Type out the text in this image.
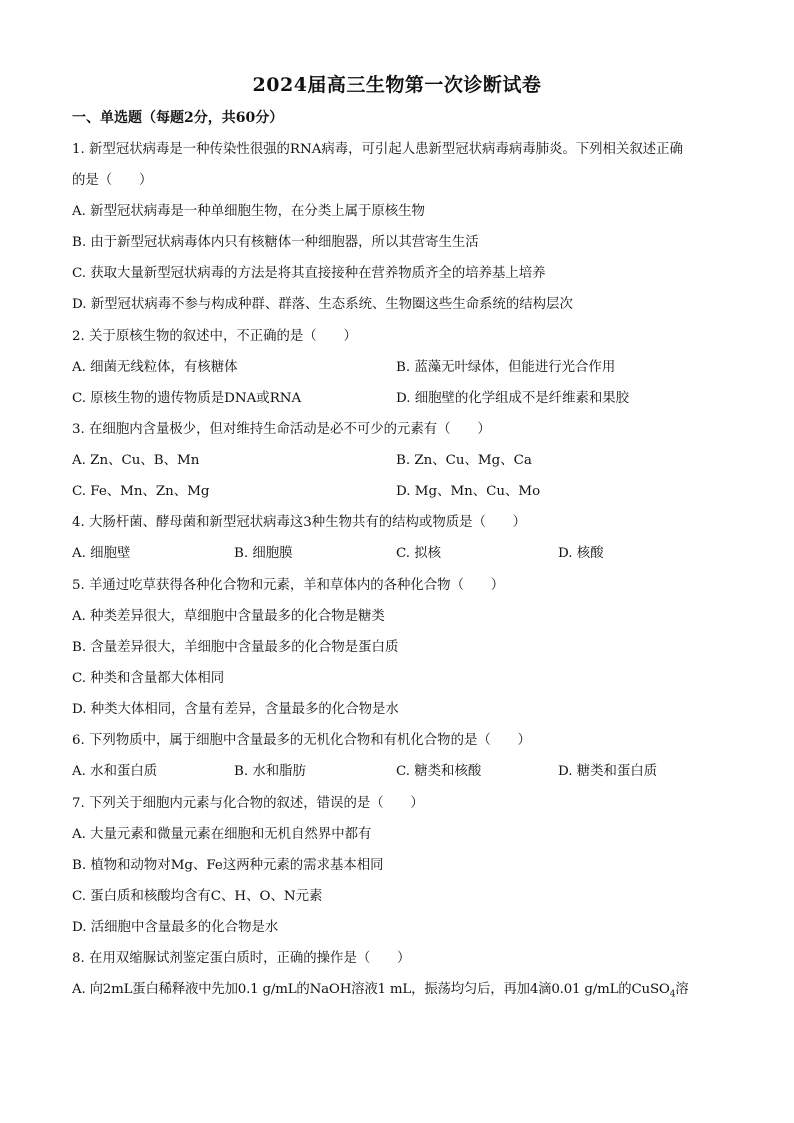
2024届高三生物第一次诊断试卷
一、单选题（每题2分，共60分）
1. 新型冠状病毒是一种传染性很强的RNA病毒，可引起人患新型冠状病毒病毒肺炎。下列相关叙述正确
的是（　　）
A. 新型冠状病毒是一种单细胞生物，在分类上属于原核生物
B. 由于新型冠状病毒体内只有核糖体一种细胞器，所以其营寄生生活
C. 获取大量新型冠状病毒的方法是将其直接接种在营养物质齐全的培养基上培养
D. 新型冠状病毒不参与构成种群、群落、生态系统、生物圈这些生命系统的结构层次
2. 关于原核生物的叙述中，不正确的是（　　）
A. 细菌无线粒体，有核糖体	B. 蓝藻无叶绿体，但能进行光合作用
C. 原核生物的遗传物质是DNA或RNA	D. 细胞壁的化学组成不是纤维素和果胶
3. 在细胞内含量极少，但对维持生命活动是必不可少的元素有（　　）
A. Zn、Cu、B、Mn	B. Zn、Cu、Mg、Ca
C. Fe、Mn、Zn、Mg	D. Mg、Mn、Cu、Mo
4. 大肠杆菌、酵母菌和新型冠状病毒这3种生物共有的结构或物质是（　　）
A. 细胞壁	B. 细胞膜	C. 拟核	D. 核酸
5. 羊通过吃草获得各种化合物和元素，羊和草体内的各种化合物（　　）
A. 种类差异很大，草细胞中含量最多的化合物是糖类
B. 含量差异很大，羊细胞中含量最多的化合物是蛋白质
C. 种类和含量都大体相同
D. 种类大体相同，含量有差异，含量最多的化合物是水
6. 下列物质中，属于细胞中含量最多的无机化合物和有机化合物的是（　　）
A. 水和蛋白质	B. 水和脂肪	C. 糖类和核酸	D. 糖类和蛋白质
7. 下列关于细胞内元素与化合物的叙述，错误的是（　　）
A. 大量元素和微量元素在细胞和无机自然界中都有
B. 植物和动物对Mg、Fe这两种元素的需求基本相同
C. 蛋白质和核酸均含有C、H、O、N元素
D. 活细胞中含量最多的化合物是水
8. 在用双缩脲试剂鉴定蛋白质时，正确的操作是（　　）
A. 向2mL蛋白稀释液中先加0.1 g/mL的NaOH溶液1 mL，振荡均匀后，再加4滴0.01 g/mL的CuSO$_4$溶
